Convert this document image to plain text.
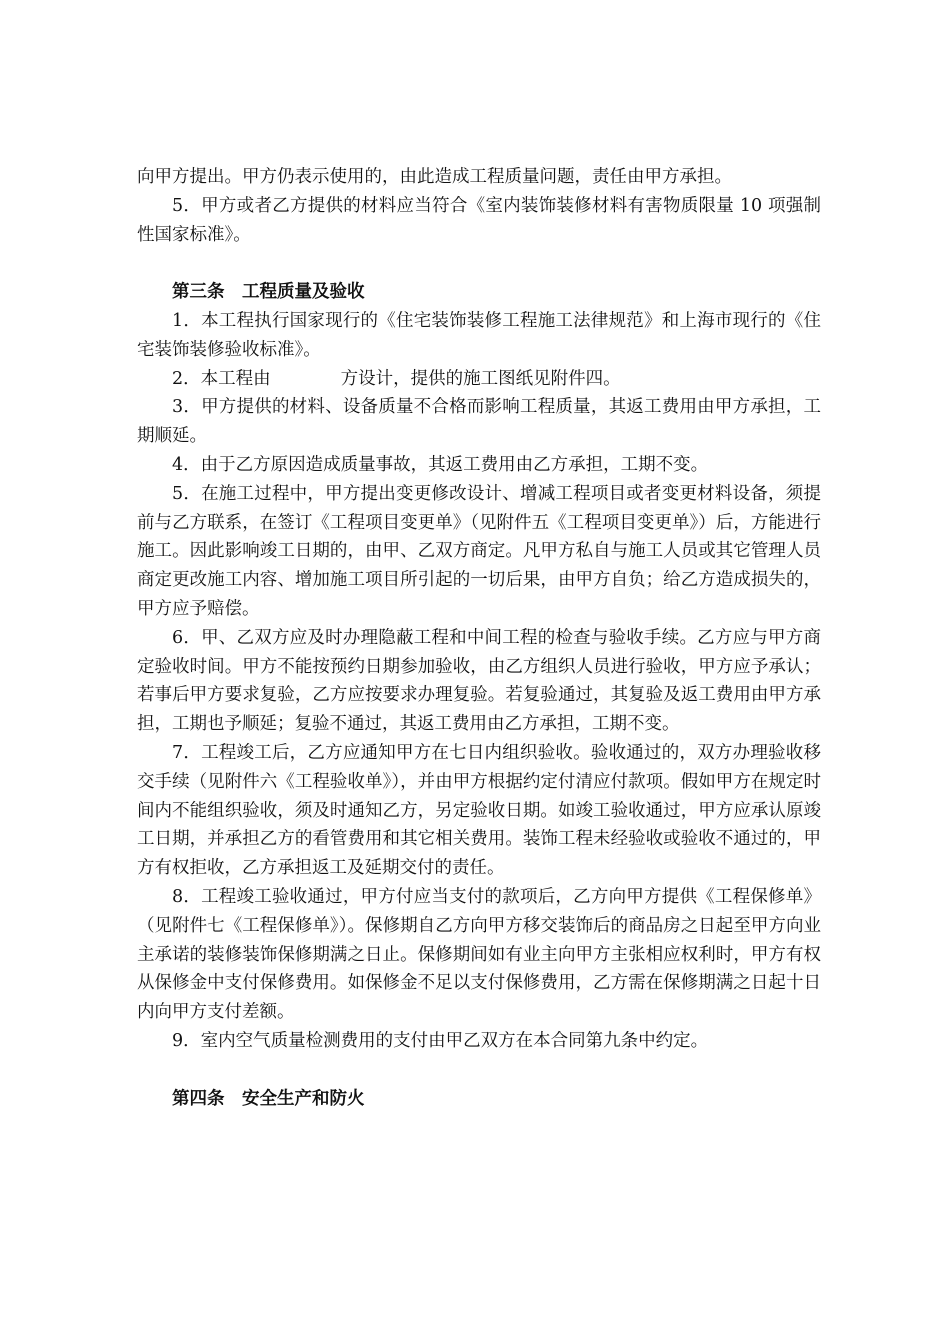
向甲方提出。甲方仍表示使用的，由此造成工程质量问题，责任由甲方承担。

5．甲方或者乙方提供的材料应当符合《室内装饰装修材料有害物质限量 10 项强制性国家标准》。

第三条　工程质量及验收

1．本工程执行国家现行的《住宅装饰装修工程施工法律规范》和上海市现行的《住宅装饰装修验收标准》。

2．本工程由　　　　方设计，提供的施工图纸见附件四。

3．甲方提供的材料、设备质量不合格而影响工程质量，其返工费用由甲方承担，工期顺延。

4．由于乙方原因造成质量事故，其返工费用由乙方承担，工期不变。

5．在施工过程中，甲方提出变更修改设计、增减工程项目或者变更材料设备，须提前与乙方联系，在签订《工程项目变更单》（见附件五《工程项目变更单》）后，方能进行施工。因此影响竣工日期的，由甲、乙双方商定。凡甲方私自与施工人员或其它管理人员商定更改施工内容、增加施工项目所引起的一切后果，由甲方自负；给乙方造成损失的，甲方应予赔偿。

6．甲、乙双方应及时办理隐蔽工程和中间工程的检查与验收手续。乙方应与甲方商定验收时间。甲方不能按预约日期参加验收，由乙方组织人员进行验收，甲方应予承认；若事后甲方要求复验，乙方应按要求办理复验。若复验通过，其复验及返工费用由甲方承担，工期也予顺延；复验不通过，其返工费用由乙方承担，工期不变。

7．工程竣工后，乙方应通知甲方在七日内组织验收。验收通过的，双方办理验收移交手续（见附件六《工程验收单》），并由甲方根据约定付清应付款项。假如甲方在规定时间内不能组织验收，须及时通知乙方，另定验收日期。如竣工验收通过，甲方应承认原竣工日期，并承担乙方的看管费用和其它相关费用。装饰工程未经验收或验收不通过的，甲方有权拒收，乙方承担返工及延期交付的责任。

8．工程竣工验收通过，甲方付应当支付的款项后，乙方向甲方提供《工程保修单》（见附件七《工程保修单》）。保修期自乙方向甲方移交装饰后的商品房之日起至甲方向业主承诺的装修装饰保修期满之日止。保修期间如有业主向甲方主张相应权利时，甲方有权从保修金中支付保修费用。如保修金不足以支付保修费用，乙方需在保修期满之日起十日内向甲方支付差额。

9．室内空气质量检测费用的支付由甲乙双方在本合同第九条中约定。

第四条　安全生产和防火
